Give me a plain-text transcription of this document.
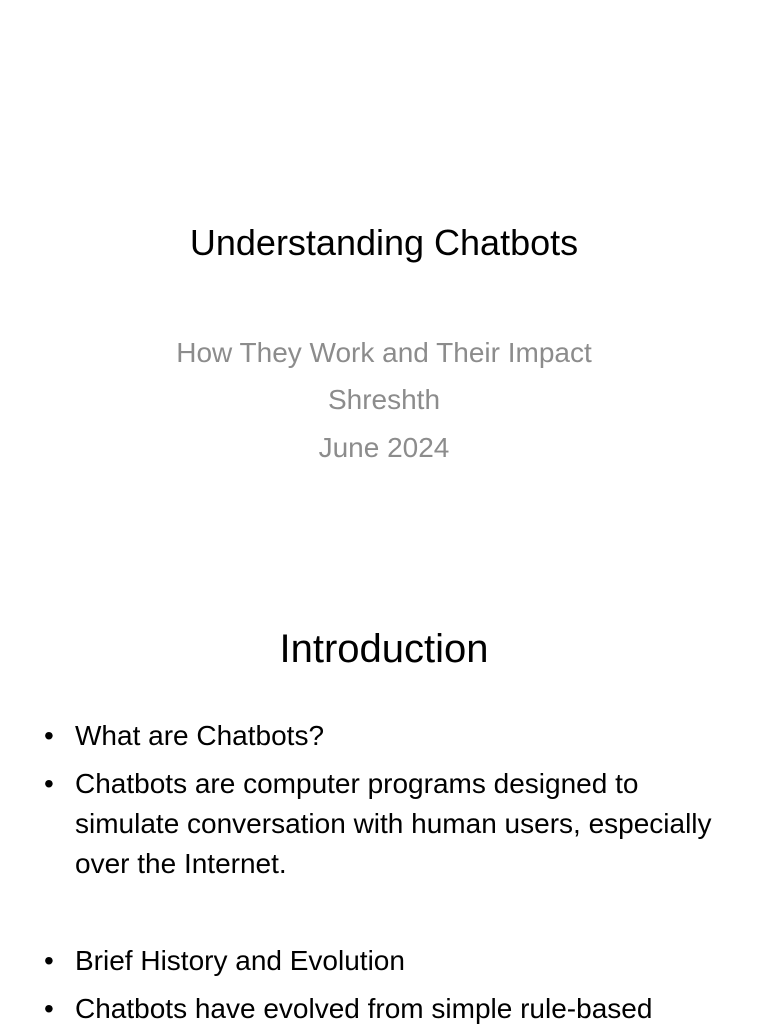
Understanding Chatbots

How They Work and Their Impact

Shreshth

June 2024

Introduction
• What are Chatbots?
• Chatbots are computer programs designed to simulate conversation with human users, especially over the Internet.
• Brief History and Evolution
• Chatbots have evolved from simple rule-based
